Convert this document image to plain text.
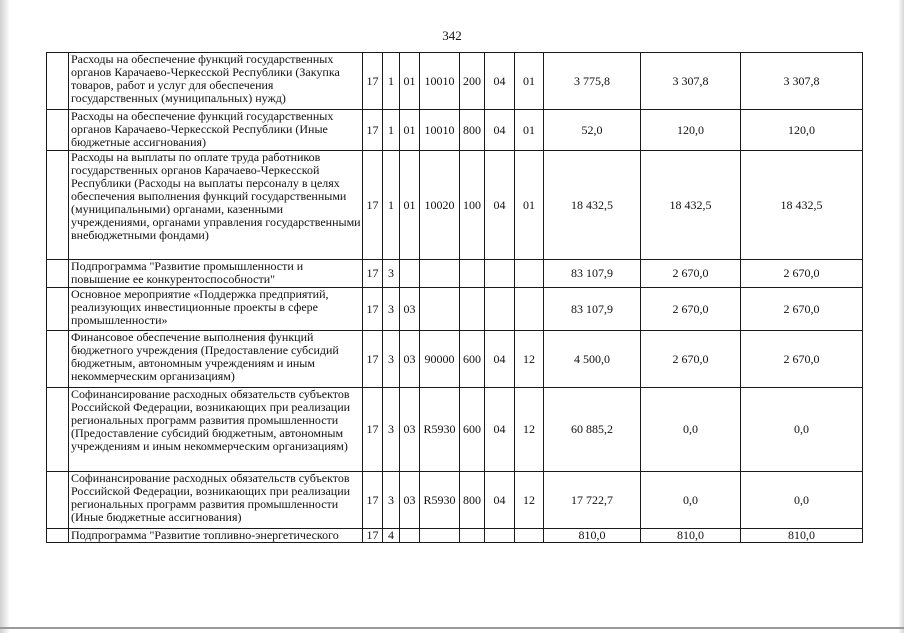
342
	Расходы на обеспечение функций государственных органов Карачаево-Черкесской Республики (Закупка товаров, работ и услуг для обеспечения государственных (муниципальных) нужд)	17	1	01	10010	200	04	01	3 775,8	3 307,8	3 307,8
	Расходы на обеспечение функций государственных органов Карачаево-Черкесской Республики (Иные бюджетные ассигнования)	17	1	01	10010	800	04	01	52,0	120,0	120,0
	Расходы на выплаты по оплате труда работников государственных органов Карачаево-Черкесской Республики (Расходы на выплаты персоналу в целях обеспечения выполнения функций государственными (муниципальными) органами, казенными учреждениями, органами управления государственными внебюджетными фондами)	17	1	01	10020	100	04	01	18 432,5	18 432,5	18 432,5
	Подпрограмма "Развитие промышленности и повышение ее конкурентоспособности"	17	3						83 107,9	2 670,0	2 670,0
	Основное мероприятие «Поддержка предприятий, реализующих инвестиционные проекты в сфере промышленности»	17	3	03					83 107,9	2 670,0	2 670,0
	Финансовое обеспечение выполнения функций бюджетного учреждения (Предоставление субсидий бюджетным, автономным учреждениям и иным некоммерческим организациям)	17	3	03	90000	600	04	12	4 500,0	2 670,0	2 670,0
	Софинансирование расходных обязательств субъектов Российской Федерации, возникающих при реализации региональных программ развития промышленности (Предоставление субсидий бюджетным, автономным учреждениям и иным некоммерческим организациям)	17	3	03	R5930	600	04	12	60 885,2	0,0	0,0
	Софинансирование расходных обязательств субъектов Российской Федерации, возникающих при реализации региональных программ развития промышленности (Иные бюджетные ассигнования)	17	3	03	R5930	800	04	12	17 722,7	0,0	0,0
	Подпрограмма "Развитие топливно-энергетического	17	4						810,0	810,0	810,0
